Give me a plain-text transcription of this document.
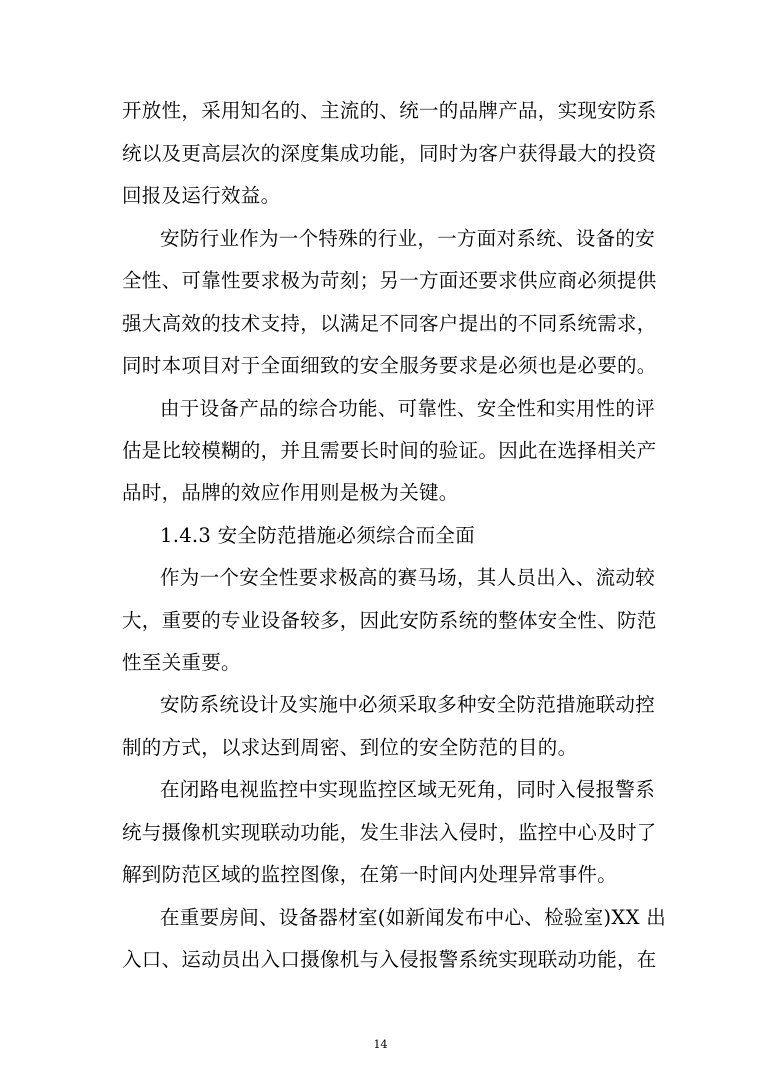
开放性，采用知名的、主流的、统一的品牌产品，实现安防系
统以及更高层次的深度集成功能，同时为客户获得最大的投资
回报及运行效益。
安防行业作为一个特殊的行业，一方面对系统、设备的安
全性、可靠性要求极为苛刻；另一方面还要求供应商必须提供
强大高效的技术支持，以满足不同客户提出的不同系统需求，
同时本项目对于全面细致的安全服务要求是必须也是必要的。
由于设备产品的综合功能、可靠性、安全性和实用性的评
估是比较模糊的，并且需要长时间的验证。因此在选择相关产
品时，品牌的效应作用则是极为关键。
1.4.3 安全防范措施必须综合而全面
作为一个安全性要求极高的赛马场，其人员出入、流动较
大，重要的专业设备较多，因此安防系统的整体安全性、防范
性至关重要。
安防系统设计及实施中必须采取多种安全防范措施联动控
制的方式，以求达到周密、到位的安全防范的目的。
在闭路电视监控中实现监控区域无死角，同时入侵报警系
统与摄像机实现联动功能，发生非法入侵时，监控中心及时了
解到防范区域的监控图像，在第一时间内处理异常事件。
在重要房间、设备器材室(如新闻发布中心、检验室)XX 出
入口、运动员出入口摄像机与入侵报警系统实现联动功能，在
14
